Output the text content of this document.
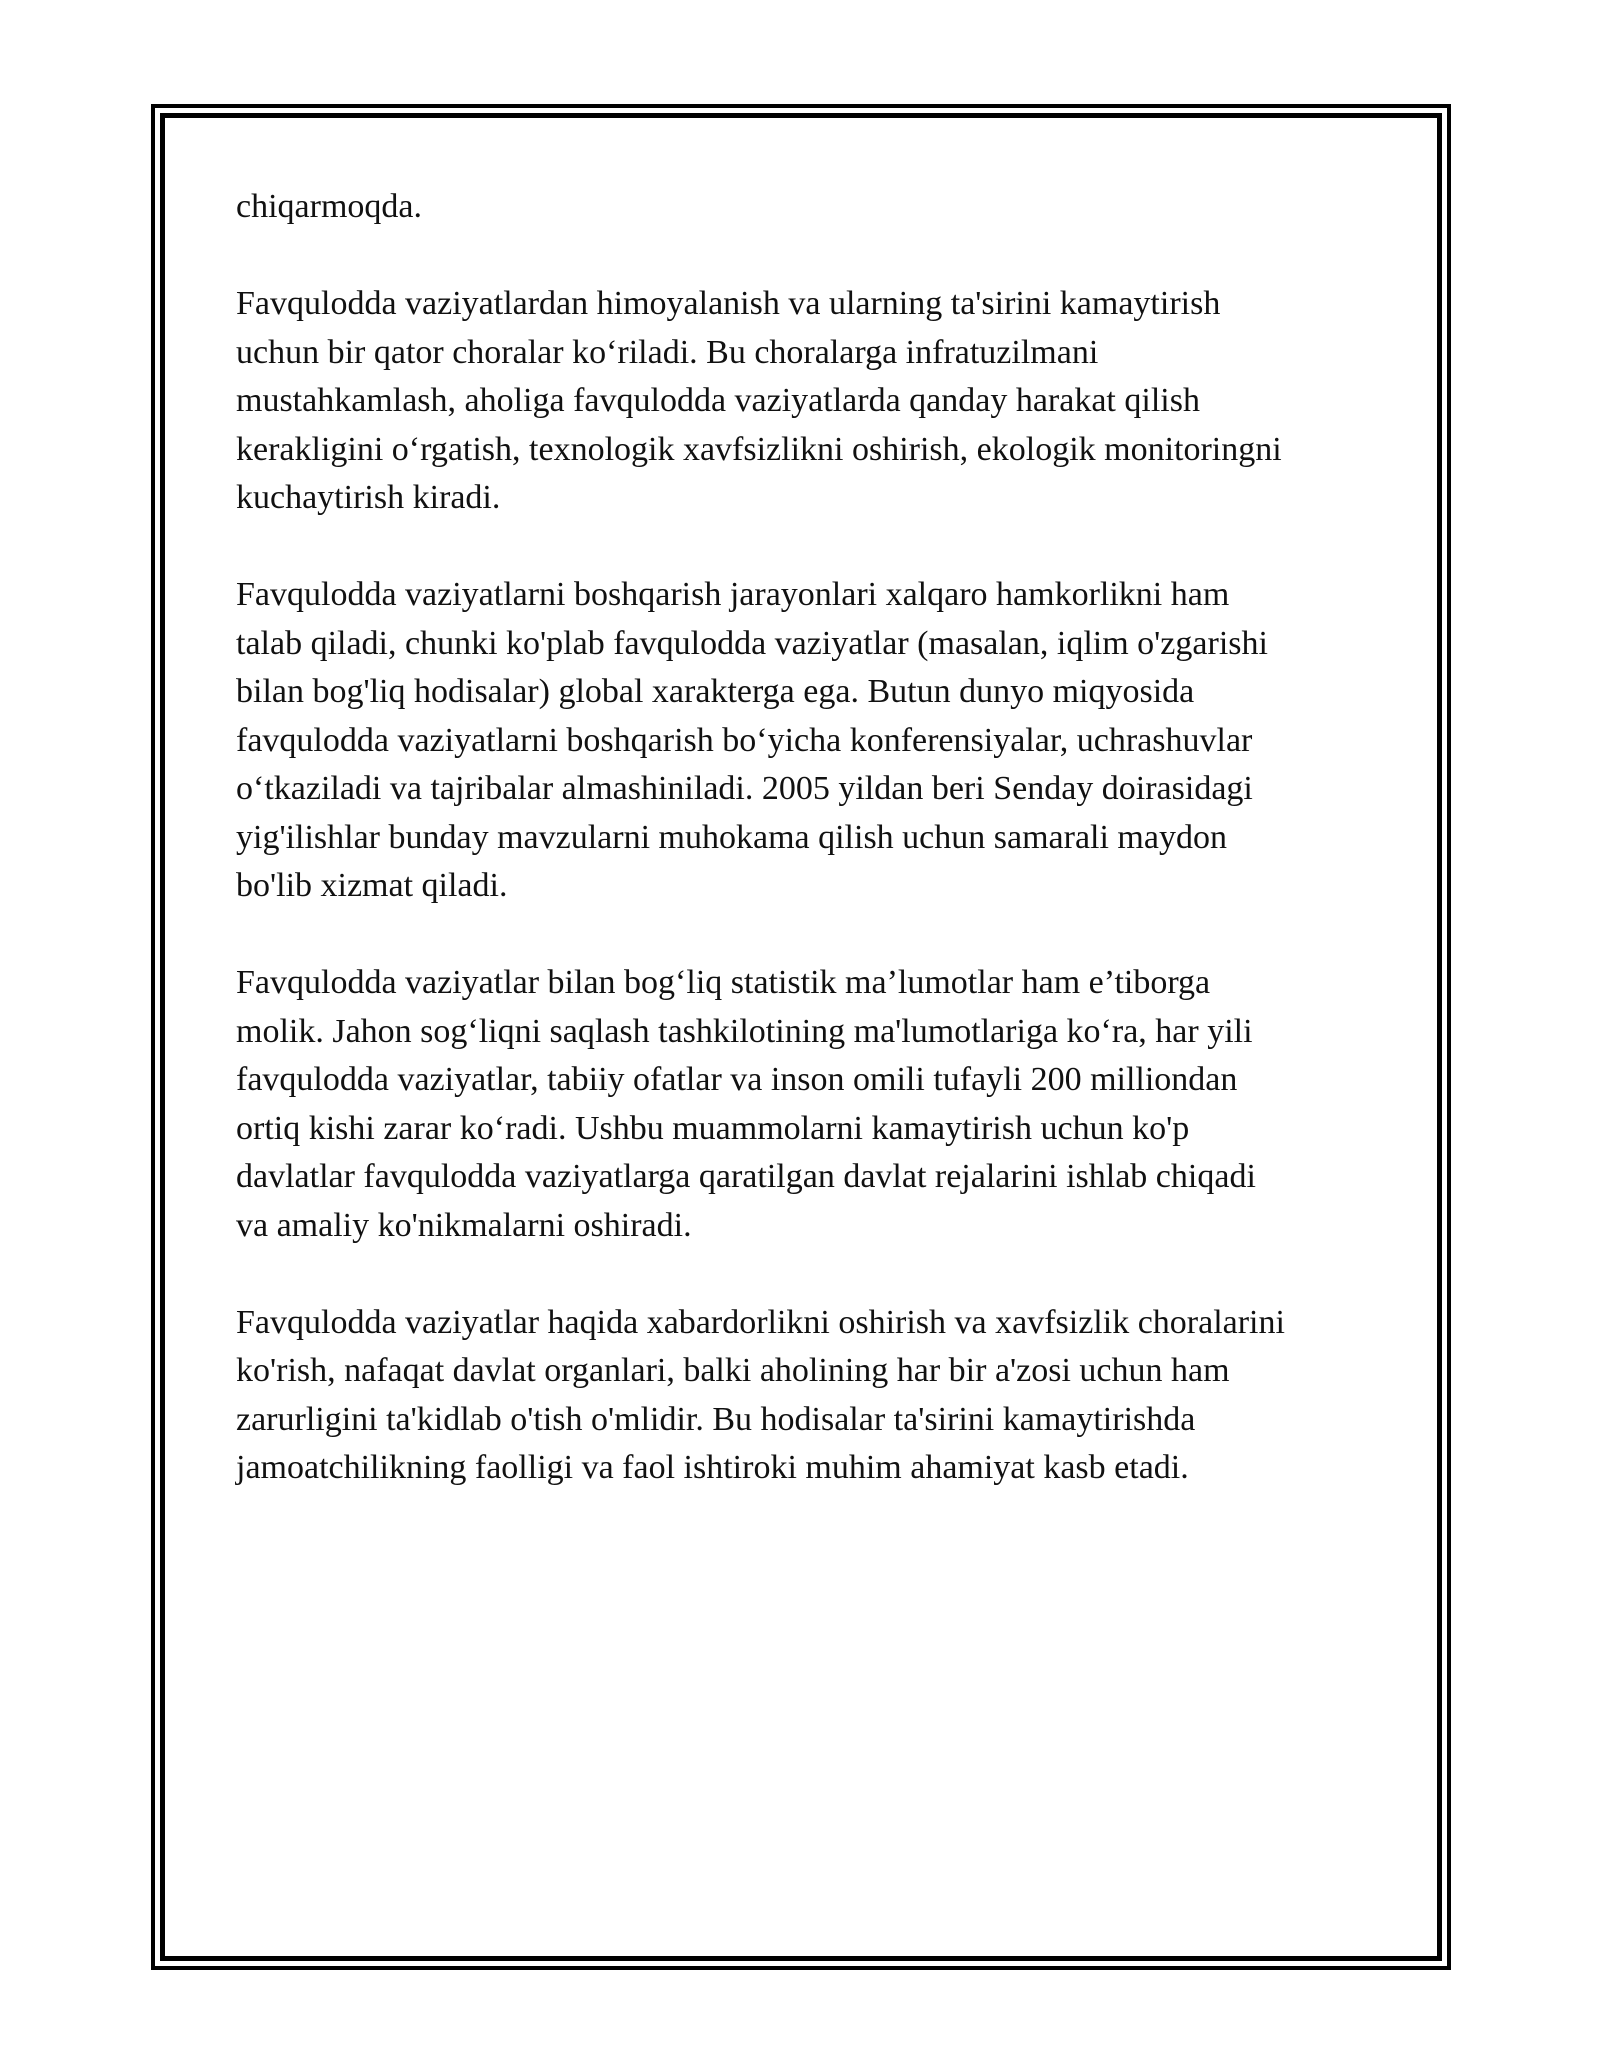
chiqarmoqda.

Favqulodda vaziyatlardan himoyalanish va ularning ta'sirini kamaytirish
uchun bir qator choralar ko‘riladi. Bu choralarga infratuzilmani
mustahkamlash, aholiga favqulodda vaziyatlarda qanday harakat qilish
kerakligini o‘rgatish, texnologik xavfsizlikni oshirish, ekologik monitoringni
kuchaytirish kiradi.

Favqulodda vaziyatlarni boshqarish jarayonlari xalqaro hamkorlikni ham
talab qiladi, chunki ko'plab favqulodda vaziyatlar (masalan, iqlim o'zgarishi
bilan bog'liq hodisalar) global xarakterga ega. Butun dunyo miqyosida
favqulodda vaziyatlarni boshqarish bo‘yicha konferensiyalar, uchrashuvlar
o‘tkaziladi va tajribalar almashiniladi. 2005 yildan beri Senday doirasidagi
yig'ilishlar bunday mavzularni muhokama qilish uchun samarali maydon
bo'lib xizmat qiladi.

Favqulodda vaziyatlar bilan bog‘liq statistik ma’lumotlar ham e’tiborga
molik. Jahon sog‘liqni saqlash tashkilotining ma'lumotlariga ko‘ra, har yili
favqulodda vaziyatlar, tabiiy ofatlar va inson omili tufayli 200 milliondan
ortiq kishi zarar ko‘radi. Ushbu muammolarni kamaytirish uchun ko'p
davlatlar favqulodda vaziyatlarga qaratilgan davlat rejalarini ishlab chiqadi
va amaliy ko'nikmalarni oshiradi.

Favqulodda vaziyatlar haqida xabardorlikni oshirish va xavfsizlik choralarini
ko'rish, nafaqat davlat organlari, balki aholining har bir a'zosi uchun ham
zarurligini ta'kidlab o'tish o'mlidir. Bu hodisalar ta'sirini kamaytirishda
jamoatchilikning faolligi va faol ishtiroki muhim ahamiyat kasb etadi.
